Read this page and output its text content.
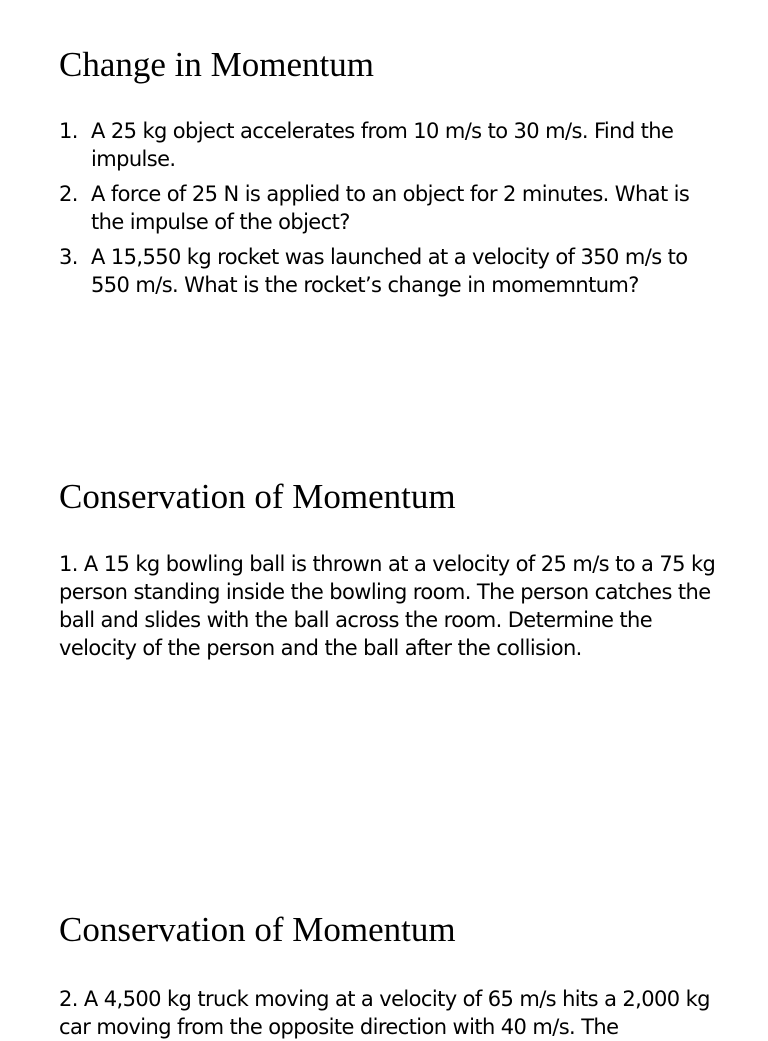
Change in Momentum
1. A 25 kg object accelerates from 10 m/s to 30 m/s. Find the impulse.
2. A force of 25 N is applied to an object for 2 minutes. What is the impulse of the object?
3. A 15,550 kg rocket was launched at a velocity of 350 m/s to 550 m/s. What is the rocket’s change in momemntum?
Conservation of Momentum

1. A 15 kg bowling ball is thrown at a velocity of 25 m/s to a 75 kg person standing inside the bowling room. The person catches the ball and slides with the ball across the room. Determine the velocity of the person and the ball after the collision.

Conservation of Momentum

2. A 4,500 kg truck moving at a velocity of 65 m/s hits a 2,000 kg car moving from the opposite direction with 40 m/s. The
